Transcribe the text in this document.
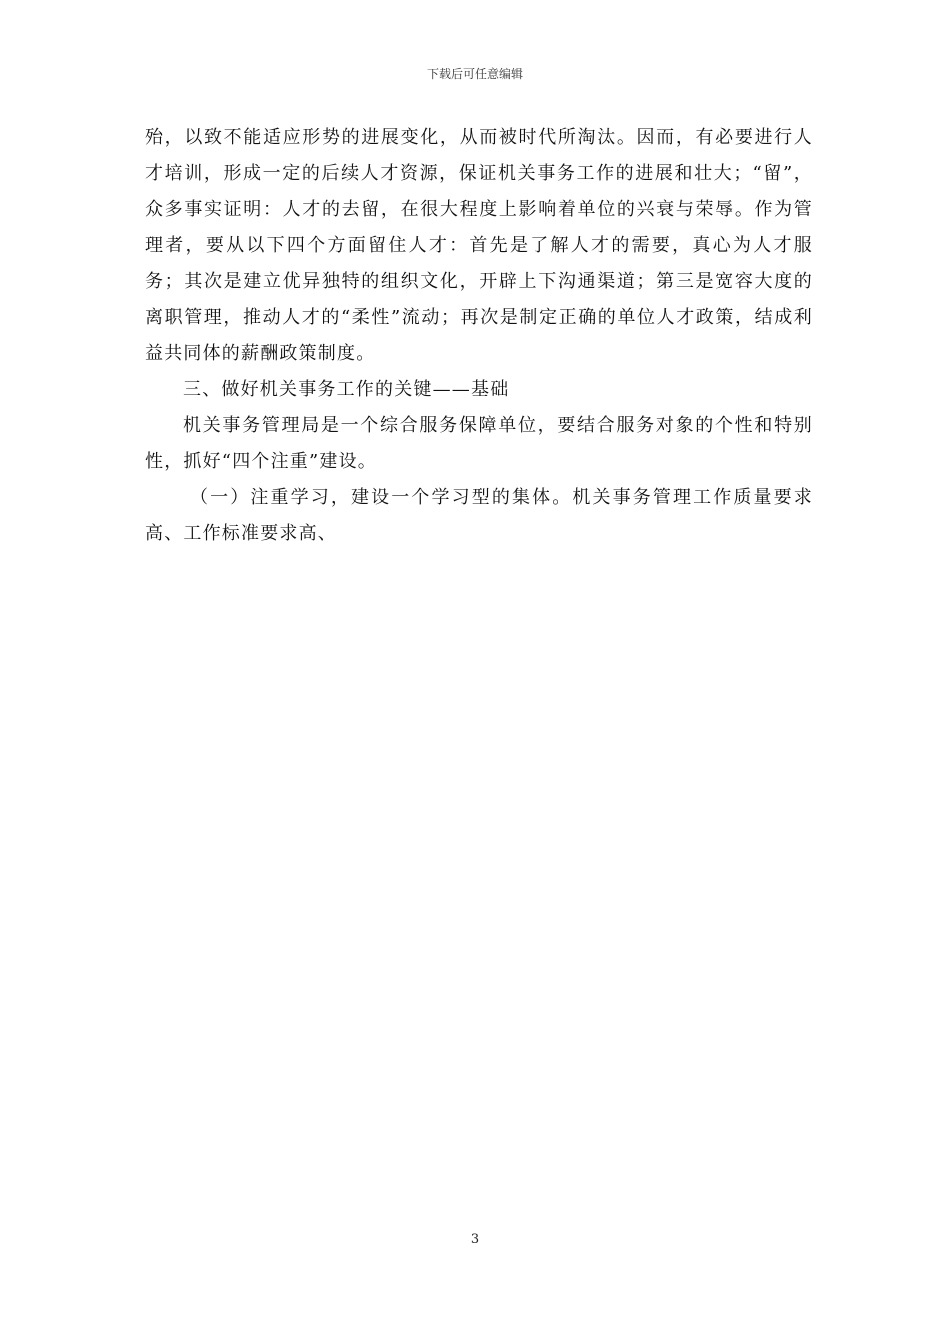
下载后可任意编辑

殆，以致不能适应形势的进展变化，从而被时代所淘汰。因而，有必要进行人才培训，形成一定的后续人才资源，保证机关事务工作的进展和壮大；“留”，众多事实证明：人才的去留，在很大程度上影响着单位的兴衰与荣辱。作为管理者，要从以下四个方面留住人才：首先是了解人才的需要，真心为人才服务；其次是建立优异独特的组织文化，开辟上下沟通渠道；第三是宽容大度的离职管理，推动人才的“柔性”流动；再次是制定正确的单位人才政策，结成利益共同体的薪酬政策制度。

三、做好机关事务工作的关键——基础

机关事务管理局是一个综合服务保障单位，要结合服务对象的个性和特别性，抓好“四个注重”建设。

（一）注重学习，建设一个学习型的集体。机关事务管理工作质量要求高、工作标准要求高、

3
